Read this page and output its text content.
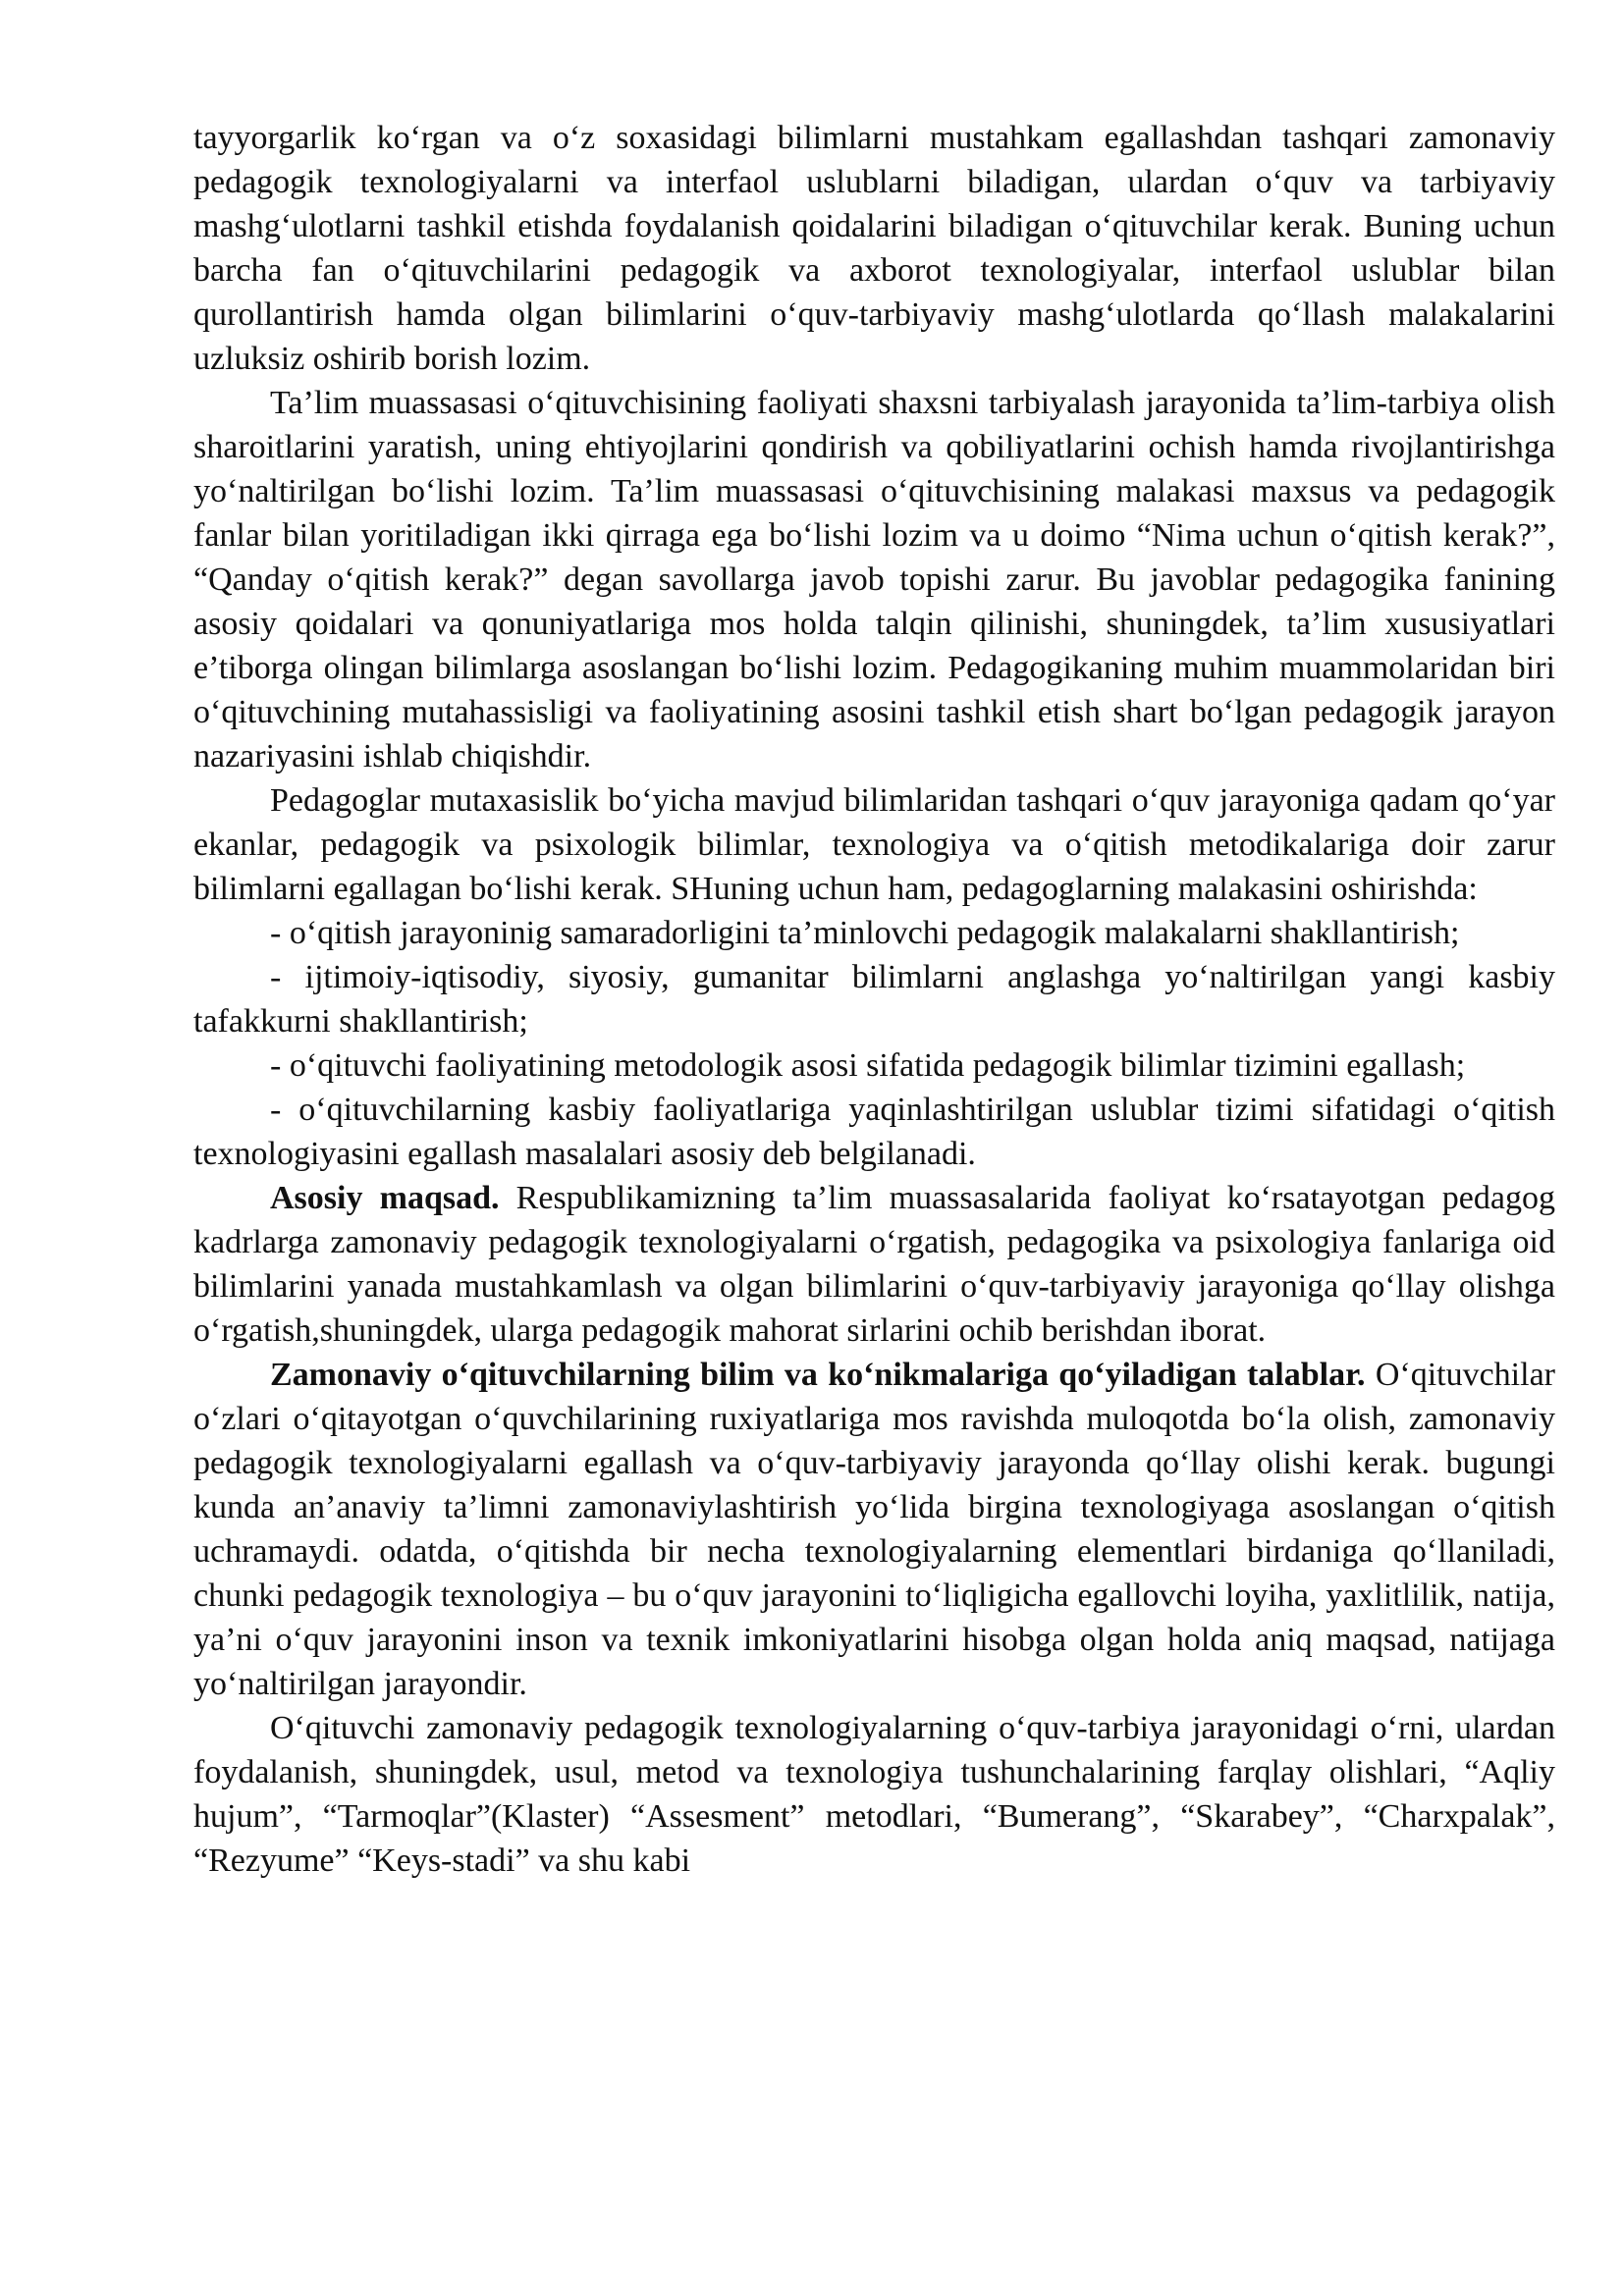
tayyorgarlik ko‘rgan va o‘z soxasidagi bilimlarni mustahkam egallashdan tashqari zamonaviy pedagogik texnologiyalarni va interfaol uslublarni biladigan, ulardan o‘quv va tarbiyaviy mashg‘ulotlarni tashkil etishda foydalanish qoidalarini biladigan o‘qituvchilar kerak. Buning uchun barcha fan o‘qituvchilarini pedagogik va axborot texnologiyalar, interfaol uslublar bilan qurollantirish hamda olgan bilimlarini o‘quv-tarbiyaviy mashg‘ulotlarda qo‘llash malakalarini uzluksiz oshirib borish lozim.

Ta’lim muassasasi o‘qituvchisining faoliyati shaxsni tarbiyalash jarayonida ta’lim-tarbiya olish sharoitlarini yaratish, uning ehtiyojlarini qondirish va qobiliyatlarini ochish hamda rivojlantirishga yo‘naltirilgan bo‘lishi lozim. Ta’lim muassasasi o‘qituvchisining malakasi maxsus va pedagogik fanlar bilan yoritiladigan ikki qirraga ega bo‘lishi lozim va u doimo “Nima uchun o‘qitish kerak?”, “Qanday o‘qitish kerak?” degan savollarga javob topishi zarur. Bu javoblar pedagogika fanining asosiy qoidalari va qonuniyatlariga mos holda talqin qilinishi, shuningdek, ta’lim xususiyatlari e’tiborga olingan bilimlarga asoslangan bo‘lishi lozim. Pedagogikaning muhim muammolaridan biri o‘qituvchining mutahassisligi va faoliyatining asosini tashkil etish shart bo‘lgan pedagogik jarayon nazariyasini ishlab chiqishdir.

Pedagoglar mutaxasislik bo‘yicha mavjud bilimlaridan tashqari o‘quv jarayoniga qadam qo‘yar ekanlar, pedagogik va psixologik bilimlar, texnologiya va o‘qitish metodikalariga doir zarur bilimlarni egallagan bo‘lishi kerak. SHuning uchun ham, pedagoglarning malakasini oshirishda:

- o‘qitish jarayoninig samaradorligini ta’minlovchi pedagogik malakalarni shakllantirish;

- ijtimoiy-iqtisodiy, siyosiy, gumanitar bilimlarni anglashga yo‘naltirilgan yangi kasbiy tafakkurni shakllantirish;

- o‘qituvchi faoliyatining metodologik asosi sifatida pedagogik bilimlar tizimini egallash;

- o‘qituvchilarning kasbiy faoliyatlariga yaqinlashtirilgan uslublar tizimi sifatidagi o‘qitish texnologiyasini egallash masalalari asosiy deb belgilanadi.

Asosiy maqsad. Respublikamizning ta’lim muassasalarida faoliyat ko‘rsatayotgan pedagog kadrlarga zamonaviy pedagogik texnologiyalarni o‘rgatish, pedagogika va psixologiya fanlariga oid bilimlarini yanada mustahkamlash va olgan bilimlarini o‘quv-tarbiyaviy jarayoniga qo‘llay olishga o‘rgatish,shuningdek, ularga pedagogik mahorat sirlarini ochib berishdan iborat.

Zamonaviy o‘qituvchilarning bilim va ko‘nikmalariga qo‘yiladigan talablar. O‘qituvchilar o‘zlari o‘qitayotgan o‘quvchilarining ruxiyatlariga mos ravishda muloqotda bo‘la olish, zamonaviy pedagogik texnologiyalarni egallash va o‘quv-tarbiyaviy jarayonda qo‘llay olishi kerak. bugungi kunda an’anaviy ta’limni zamonaviylashtirish yo‘lida birgina texnologiyaga asoslangan o‘qitish uchramaydi. odatda, o‘qitishda bir necha texnologiyalarning elementlari birdaniga qo‘llaniladi, chunki pedagogik texnologiya – bu o‘quv jarayonini to‘liqligicha egallovchi loyiha, yaxlitlilik, natija, ya’ni o‘quv jarayonini inson va texnik imkoniyatlarini hisobga olgan holda aniq maqsad, natijaga yo‘naltirilgan jarayondir.

O‘qituvchi zamonaviy pedagogik texnologiyalarning o‘quv-tarbiya jarayonidagi o‘rni, ulardan foydalanish, shuningdek, usul, metod va texnologiya tushunchalarining farqlay olishlari, “Aqliy hujum”, “Tarmoqlar”(Klaster) “Assesment” metodlari, “Bumerang”, “Skarabey”, “Charxpalak”, “Rezyume” “Keys-stadi” va shu kabi
